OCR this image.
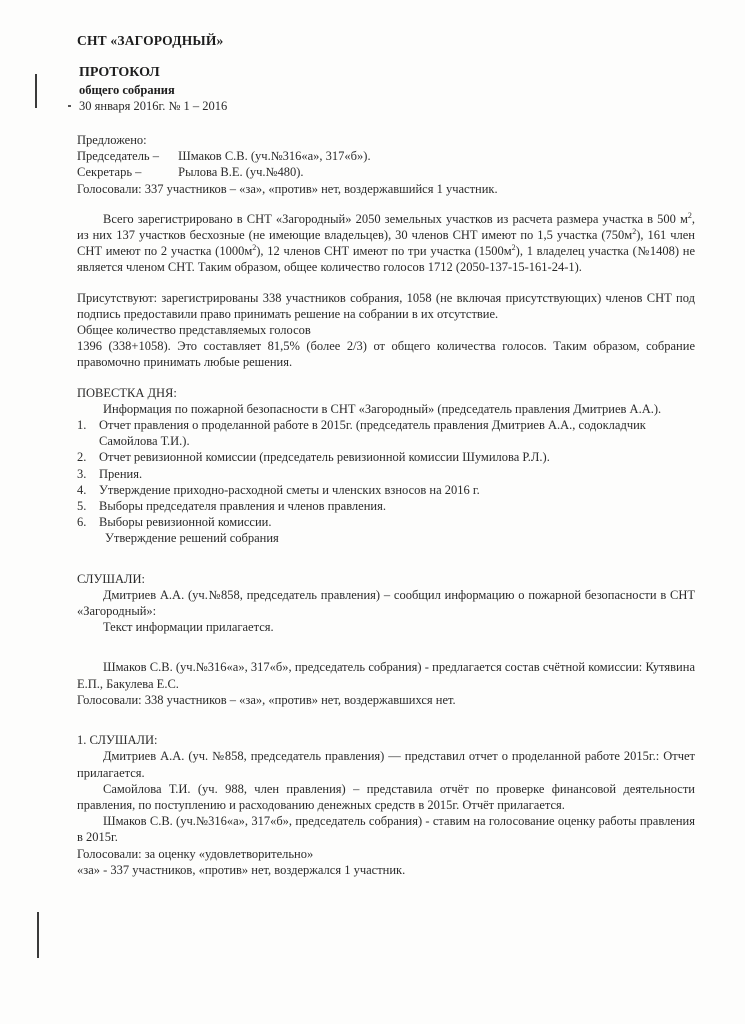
СНТ «ЗАГОРОДНЫЙ»
ПРОТОКОЛ
общего собрания
30 января 2016г. № 1 – 2016

Предложено:

Председатель – Шмаков С.В. (уч.№316«а», 317«б»).

Секретарь –	Рылова В.Е. (уч.№480).

Голосовали: 337 участников – «за», «против» нет, воздержавшийся 1 участник.

Всего зарегистрировано в СНТ «Загородный» 2050 земельных участков из расчета размера участка в 500 $м^2$, из них 137 участков бесхозные (не имеющие владельцев), 30 членов СНТ имеют по 1,5 участка $(750м^2)$, 161 член СНТ имеют по 2 участка $(1000м^2)$, 12 членов СНТ имеют по три участка $(1500м^2)$, 1 владелец участка (№1408) не является членом СНТ. Таким образом, общее количество голосов 1712 (2050-137-15-161-24-1).

Присутствуют: зарегистрированы 338 участников собрания, 1058 (не включая присутствующих) членов СНТ под подпись предоставили право принимать решение на собрании в их отсутствие.

Общее количество представляемых голосов

1396 (338+1058). Это составляет 81,5% (более 2/3) от общего количества голосов. Таким образом, собрание правомочно принимать любые решения.

ПОВЕСТКА ДНЯ:

Информация по пожарной безопасности в СНТ «Загородный» (председатель правления Дмитриев А.А.).

1. Отчет правления о проделанной работе в 2015г. (председатель правления Дмитриев А.А., содокладчик Самойлова Т.И.).
2. Отчет ревизионной комиссии (председатель ревизионной комиссии Шумилова Р.Л.).
3. Прения.
4. Утверждение приходно-расходной сметы и членских взносов на 2016 г.
5. Выборы председателя правления и членов правления.
6. Выборы ревизионной комиссии.

Утверждение решений собрания

СЛУШАЛИ:

Дмитриев А.А. (уч.№858, председатель правления) – сообщил информацию о пожарной безопасности в СНТ «Загородный»:

Текст информации прилагается.

Шмаков С.В. (уч.№316«а», 317«б», председатель собрания) - предлагается состав счётной комиссии: Кутявина Е.П., Бакулева Е.С.

Голосовали: 338 участников – «за», «против» нет, воздержавшихся нет.

1. СЛУШАЛИ:

Дмитриев А.А. (уч. №858, председатель правления) — представил отчет о проделанной работе 2015г.: Отчет прилагается.

Самойлова Т.И. (уч. 988, член правления) – представила отчёт по проверке финансовой деятельности правления, по поступлению и расходованию денежных средств в 2015г. Отчёт прилагается.

Шмаков С.В. (уч.№316«а», 317«б», председатель собрания) - ставим на голосование оценку работы правления в 2015г.

Голосовали: за оценку «удовлетворительно»

«за» - 337 участников, «против» нет, воздержался 1 участник.
